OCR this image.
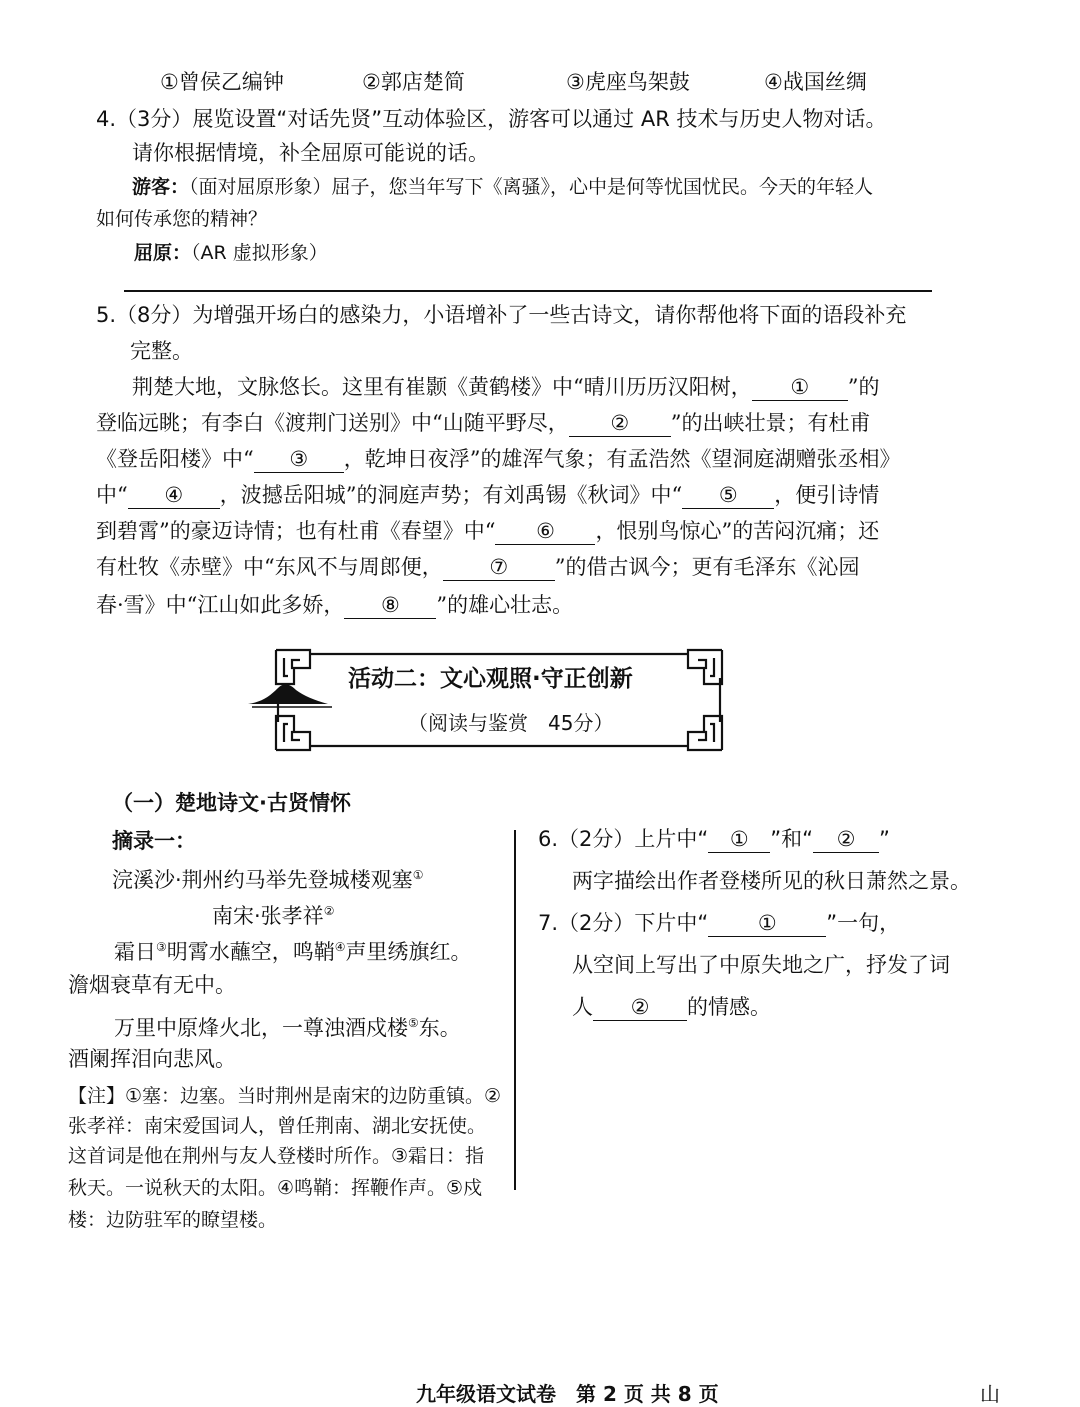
①曾侯乙编钟	②郭店楚简	③虎座鸟架鼓	④战国丝绸
4.（3分）展览设置“对话先贤”互动体验区，游客可以通过 AR 技术与历史人物对话。
请你根据情境，补全屈原可能说的话。
游客：（面对屈原形象）屈子，您当年写下《离骚》，心中是何等忧国忧民。今天的年轻人
如何传承您的精神？
屈原：（AR 虚拟形象）
5.（8分）为增强开场白的感染力，小语增补了一些古诗文，请你帮他将下面的语段补充
完整。
荆楚大地，文脉悠长。这里有崔颢《黄鹤楼》中“晴川历历汉阳树， ① ”的
登临远眺；有李白《渡荆门送别》中“山随平野尽， ② ”的出峡壮景；有杜甫
《登岳阳楼》中“ ③ ，乾坤日夜浮”的雄浑气象；有孟浩然《望洞庭湖赠张丞相》
中“ ④ ，波撼岳阳城”的洞庭声势；有刘禹锡《秋词》中“ ⑤ ，便引诗情
到碧霄”的豪迈诗情；也有杜甫《春望》中“ ⑥ ，恨别鸟惊心”的苦闷沉痛；还
有杜牧《赤壁》中“东风不与周郎便， ⑦ ”的借古讽今；更有毛泽东《沁园
春·雪》中“江山如此多娇， ⑧ ”的雄心壮志。
活动二：文心观照·守正创新
（阅读与鉴赏　45分）
（一）楚地诗文·古贤情怀
摘录一：
浣溪沙·荆州约马举先登城楼观塞①
南宋·张孝祥②
霜日③明霄水蘸空，鸣鞘④声里绣旗红。
澹烟衰草有无中。
万里中原烽火北，一尊浊酒戍楼⑤东。
酒阑挥泪向悲风。
【注】①塞：边塞。当时荆州是南宋的边防重镇。②
张孝祥：南宋爱国词人，曾任荆南、湖北安抚使。
这首词是他在荆州与友人登楼时所作。③霜日：指
秋天。一说秋天的太阳。④鸣鞘：挥鞭作声。⑤戍
楼：边防驻军的瞭望楼。
6.（2分）上片中“ ① ”和“ ② ”
两字描绘出作者登楼所见的秋日萧然之景。
7.（2分）下片中“ ① ”一句，
从空间上写出了中原失地之广，抒发了词
人 ② 的情感。
九年级语文试卷　第 2 页 共 8 页	山
